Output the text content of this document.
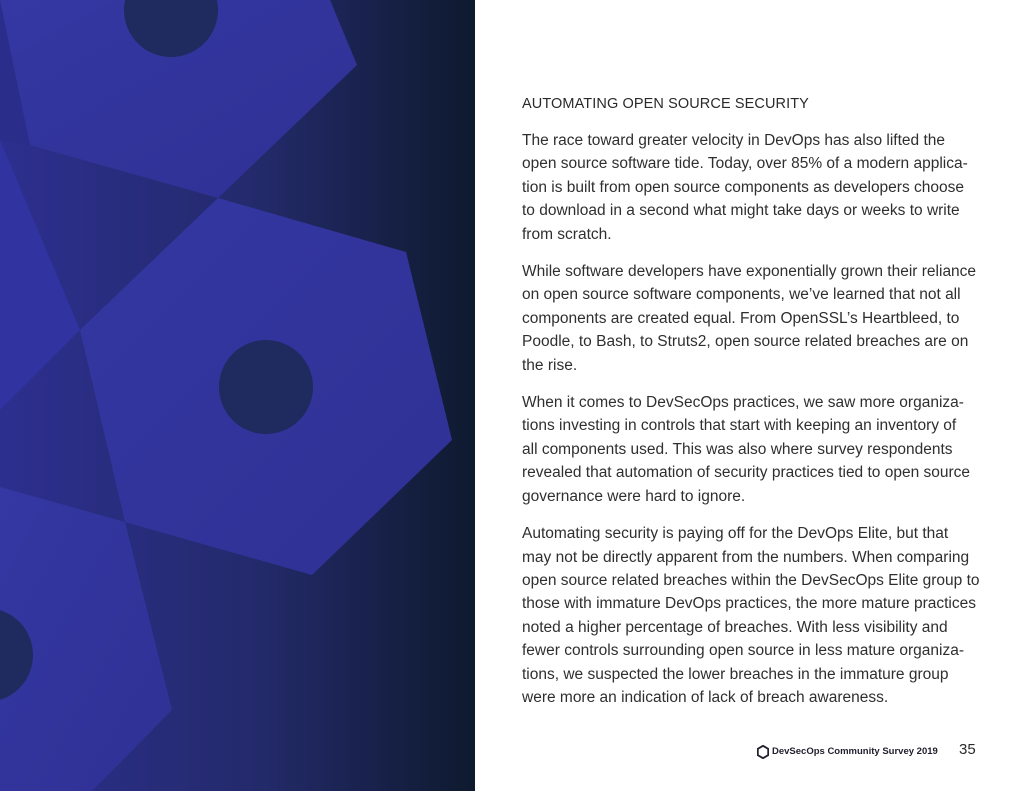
AUTOMATING OPEN SOURCE SECURITY

The race toward greater velocity in DevOps has also lifted the
open source software tide. Today, over 85% of a modern applica-
tion is built from open source components as developers choose
to download in a second what might take days or weeks to write
from scratch.

While software developers have exponentially grown their reliance
on open source software components, we’ve learned that not all
components are created equal. From OpenSSL’s Heartbleed, to
Poodle, to Bash, to Struts2, open source related breaches are on
the rise.

When it comes to DevSecOps practices, we saw more organiza-
tions investing in controls that start with keeping an inventory of
all components used. This was also where survey respondents
revealed that automation of security practices tied to open source
governance were hard to ignore.

Automating security is paying off for the DevOps Elite, but that
may not be directly apparent from the numbers. When comparing
open source related breaches within the DevSecOps Elite group to
those with immature DevOps practices, the more mature practices
noted a higher percentage of breaches. With less visibility and
fewer controls surrounding open source in less mature organiza-
tions, we suspected the lower breaches in the immature group
were more an indication of lack of breach awareness.

DevSecOps Community Survey 2019 35
